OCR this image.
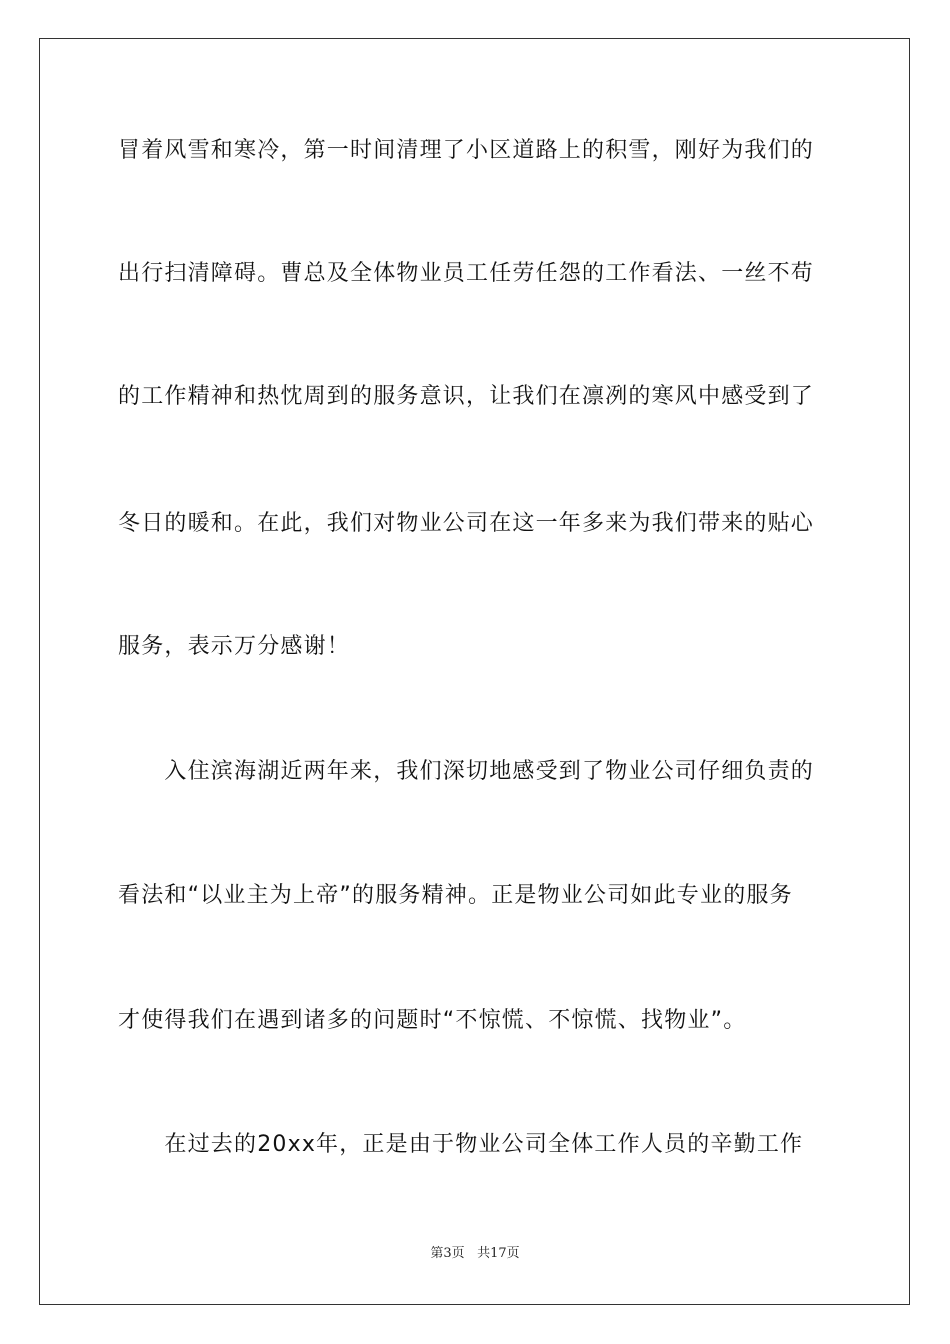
冒着风雪和寒冷，第一时间清理了小区道路上的积雪，刚好为我们的
出行扫清障碍。曹总及全体物业员工任劳任怨的工作看法、一丝不苟
的工作精神和热忱周到的服务意识，让我们在凛冽的寒风中感受到了
冬日的暖和。在此，我们对物业公司在这一年多来为我们带来的贴心
服务，表示万分感谢！
　　入住滨海湖近两年来，我们深切地感受到了物业公司仔细负责的
看法和“以业主为上帝”的服务精神。正是物业公司如此专业的服务
才使得我们在遇到诸多的问题时“不惊慌、不惊慌、找物业”。
　　在过去的20xx年，正是由于物业公司全体工作人员的辛勤工作
第3页 共17页
